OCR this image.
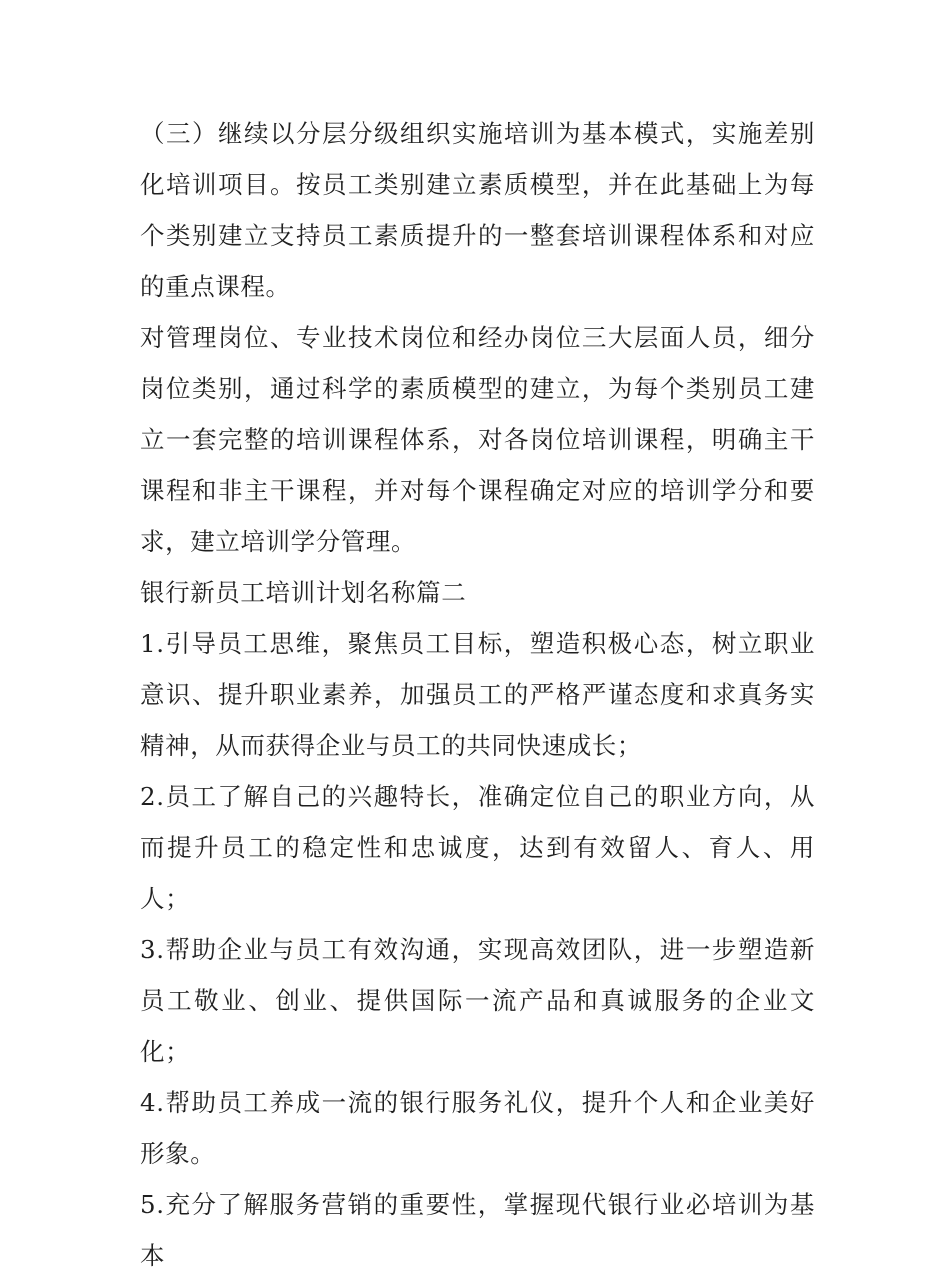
（三）继续以分层分级组织实施培训为基本模式，实施差别化培训项目。按员工类别建立素质模型，并在此基础上为每个类别建立支持员工素质提升的一整套培训课程体系和对应的重点课程。

对管理岗位、专业技术岗位和经办岗位三大层面人员，细分岗位类别，通过科学的素质模型的建立，为每个类别员工建立一套完整的培训课程体系，对各岗位培训课程，明确主干课程和非主干课程，并对每个课程确定对应的培训学分和要求，建立培训学分管理。

银行新员工培训计划名称篇二

1.引导员工思维，聚焦员工目标，塑造积极心态，树立职业意识、提升职业素养，加强员工的严格严谨态度和求真务实精神，从而获得企业与员工的共同快速成长；

2.员工了解自己的兴趣特长，准确定位自己的职业方向，从而提升员工的稳定性和忠诚度，达到有效留人、育人、用人；

3.帮助企业与员工有效沟通，实现高效团队，进一步塑造新员工敬业、创业、提供国际一流产品和真诚服务的企业文化；

4.帮助员工养成一流的银行服务礼仪，提升个人和企业美好形象。

5.充分了解服务营销的重要性，掌握现代银行业必培训为基本
